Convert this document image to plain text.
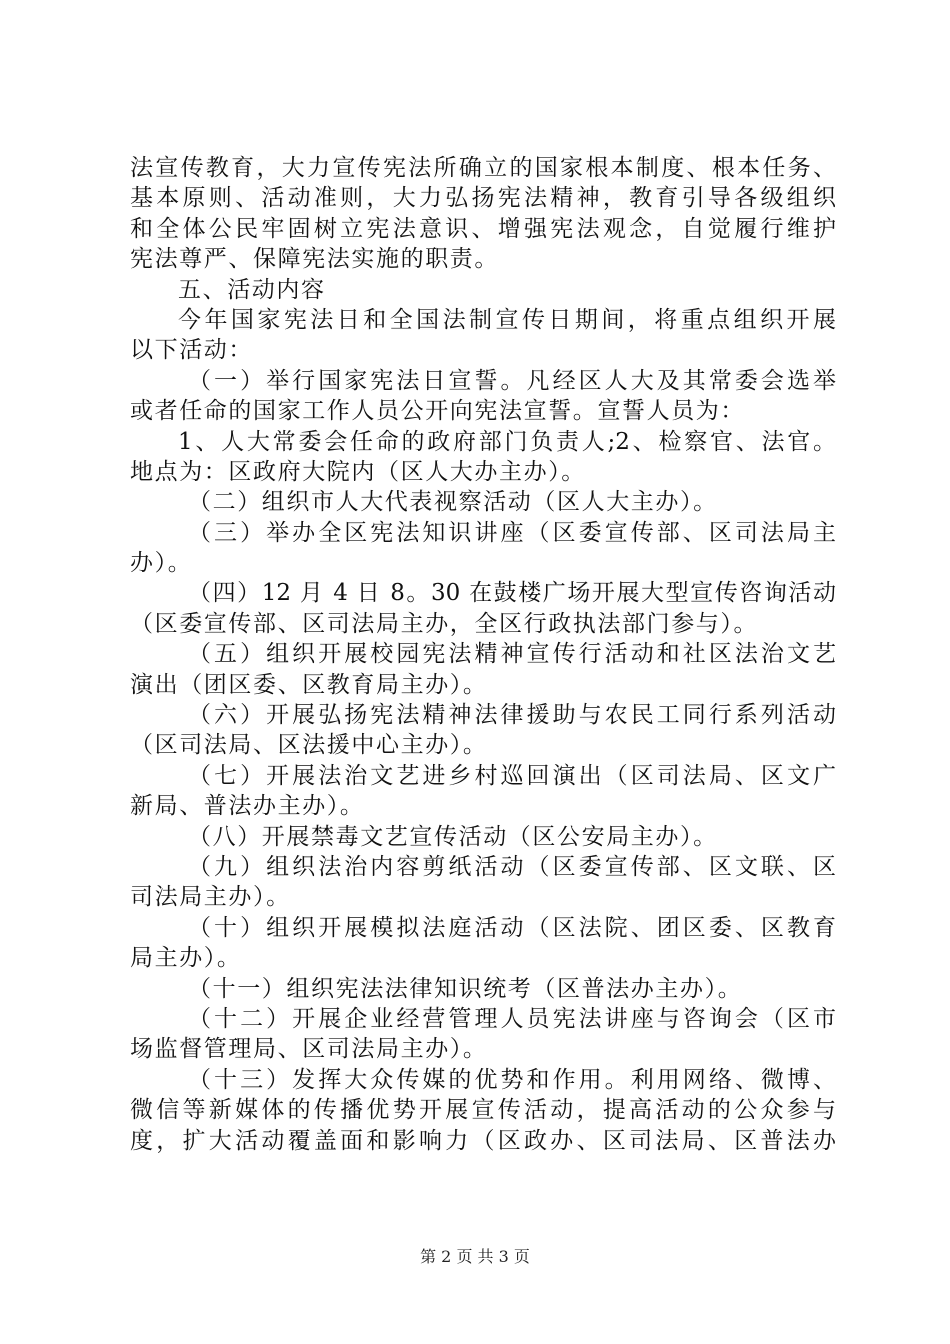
法宣传教育，大力宣传宪法所确立的国家根本制度、根本任务、
基本原则、活动准则，大力弘扬宪法精神，教育引导各级组织
和全体公民牢固树立宪法意识、增强宪法观念，自觉履行维护
宪法尊严、保障宪法实施的职责。
五、活动内容
今年国家宪法日和全国法制宣传日期间，将重点组织开展
以下活动：
（一）举行国家宪法日宣誓。凡经区人大及其常委会选举
或者任命的国家工作人员公开向宪法宣誓。宣誓人员为：
1、人大常委会任命的政府部门负责人;2、检察官、法官。
地点为：区政府大院内（区人大办主办）。
（二）组织市人大代表视察活动（区人大主办）。
（三）举办全区宪法知识讲座（区委宣传部、区司法局主
办）。
（四）12 月 4 日 8。30 在鼓楼广场开展大型宣传咨询活动
（区委宣传部、区司法局主办，全区行政执法部门参与）。
（五）组织开展校园宪法精神宣传行活动和社区法治文艺
演出（团区委、区教育局主办）。
（六）开展弘扬宪法精神法律援助与农民工同行系列活动
（区司法局、区法援中心主办）。
（七）开展法治文艺进乡村巡回演出（区司法局、区文广
新局、普法办主办）。
（八）开展禁毒文艺宣传活动（区公安局主办）。
（九）组织法治内容剪纸活动（区委宣传部、区文联、区
司法局主办）。
（十）组织开展模拟法庭活动（区法院、团区委、区教育
局主办）。
（十一）组织宪法法律知识统考（区普法办主办）。
（十二）开展企业经营管理人员宪法讲座与咨询会（区市
场监督管理局、区司法局主办）。
（十三）发挥大众传媒的优势和作用。利用网络、微博、
微信等新媒体的传播优势开展宣传活动，提高活动的公众参与
度，扩大活动覆盖面和影响力（区政办、区司法局、区普法办
第 2 页 共 3 页
